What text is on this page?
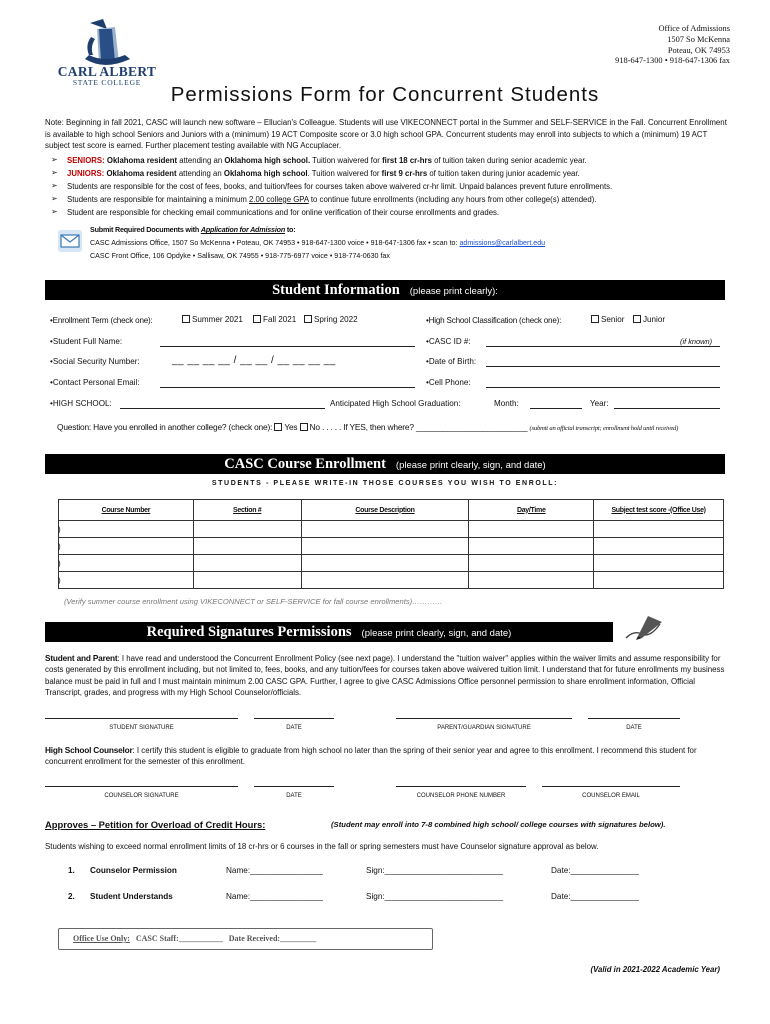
CARL ALBERT
STATE COLLEGE
Office of Admissions
1507 So McKenna
Poteau, OK 74953
918-647-1300 • 918-647-1306 fax
Permissions Form for Concurrent Students
Note: Beginning in fall 2021, CASC will launch new software – Ellucian's Colleague. Students will use VIKECONNECT portal in the Summer and SELF-SERVICE in the Fall. Concurrent Enrollment is available to high school Seniors and Juniors with a (minimum) 19 ACT Composite score or 3.0 high school GPA. Concurrent students may enroll into subjects to which a (minimum) 19 ACT subject test score is earned. Further placement testing available with NG Accuplacer.
➢ SENIORS: Oklahoma resident attending an Oklahoma high school. Tuition waivered for first 18 cr-hrs of tuition taken during senior academic year.
➢ JUNIORS: Oklahoma resident attending an Oklahoma high school. Tuition waivered for first 9 cr-hrs of tuition taken during junior academic year.
➢ Students are responsible for the cost of fees, books, and tuition/fees for courses taken above waivered cr-hr limit. Unpaid balances prevent future enrollments.
➢ Students are responsible for maintaining a minimum 2.00 college GPA to continue future enrollments (including any hours from other college(s) attended).
➢ Student are responsible for checking email communications and for online verification of their course enrollments and grades.
Submit Required Documents with Application for Admission to:
CASC Admissions Office, 1507 So McKenna • Poteau, OK 74953 • 918-647-1300 voice • 918-647-1306 fax • scan to: admissions@carlalbert.edu
CASC Front Office, 106 Opdyke • Sallisaw, OK 74955 • 918-775-6977 voice • 918-774-0630 fax
Student Information (please print clearly):
•Enrollment Term (check one):	Summer 2021	Fall 2021	Spring 2022	•High School Classification (check one):	Senior	Junior
•Student Full Name:	•CASC ID #:	(if known)
•Social Security Number:	__ __ __ __ / __ __ / __ __ __ __	•Date of Birth:
•Contact Personal Email:	•Cell Phone:
•HIGH SCHOOL:	Anticipated High School Graduation:	Month:	Year:
Question: Have you enrolled in another college? (check one): Yes No . . . . . If YES, then where? _________________________ (submit an official transcript; enrollment hold until received)
CASC Course Enrollment (please print clearly, sign, and date)
STUDENTS - PLEASE WRITE-IN THOSE COURSES YOU WISH TO ENROLL:
Course Number	Section #	Course Description	Day/Time	Subject test score -(Office Use)

)
)
)
)
(Verify summer course enrollment using VIKECONNECT or SELF-SERVICE for fall course enrollments)…………
Required Signatures Permissions (please print clearly, sign, and date)
Student and Parent: I have read and understood the Concurrent Enrollment Policy (see next page). I understand the "tuition waiver" applies within the waiver limits and assume responsibility for costs generated by this enrollment including, but not limited to, fees, books, and any tuition/fees for courses taken above waivered tuition limit. I understand that for future enrollments my business balance must be paid in full and I must maintain minimum 2.00 CASC GPA. Further, I agree to give CASC Admissions Office personnel permission to share enrollment information, Official Transcript, grades, and progress with my High School Counselor/officials.
STUDENT SIGNATURE	DATE	PARENT/GUARDIAN SIGNATURE	DATE
High School Counselor: I certify this student is eligible to graduate from high school no later than the spring of their senior year and agree to this enrollment. I recommend this student for concurrent enrollment for the semester of this enrollment.
COUNSELOR SIGNATURE	DATE	COUNSELOR PHONE NUMBER	COUNSELOR EMAIL
Approves – Petition for Overload of Credit Hours:	(Student may enroll into 7-8 combined high school/ college courses with signatures below).
Students wishing to exceed normal enrollment limits of 18 cr-hrs or 6 courses in the fall or spring semesters must have Counselor signature approval as below.
1. Counselor Permission	Name:________________	Sign:__________________________	Date:_______________
2. Student Understands	Name:________________	Sign:__________________________	Date:_______________
Office Use Only: CASC Staff:___________ Date Received:_________
(Valid in 2021-2022 Academic Year)
